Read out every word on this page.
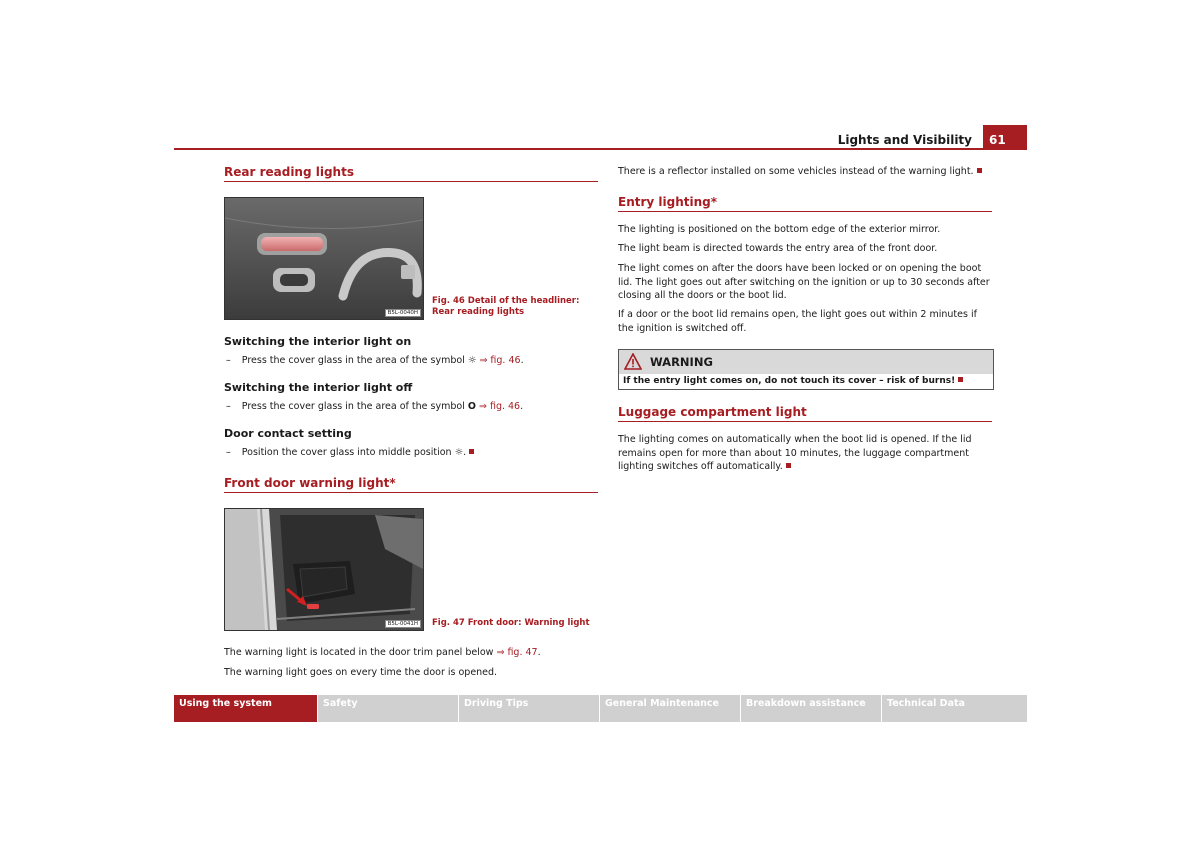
Lights and Visibility 61
Rear reading lights
B5L-0040H
Fig. 46 Detail of the headliner: Rear reading lights
Switching the interior light on
– Press the cover glass in the area of the symbol ☼ ⇒ fig. 46.
Switching the interior light off
– Press the cover glass in the area of the symbol O ⇒ fig. 46.
Door contact setting
– Position the cover glass into middle position ☼.
Front door warning light*
B5L-0041H	Fig. 47 Front door: Warning light
The warning light is located in the door trim panel below ⇒ fig. 47.
The warning light goes on every time the door is opened.
There is a reflector installed on some vehicles instead of the warning light.
Entry lighting*
The lighting is positioned on the bottom edge of the exterior mirror.
The light beam is directed towards the entry area of the front door.
The light comes on after the doors have been locked or on opening the boot lid. The light goes out after switching on the ignition or up to 30 seconds after closing all the doors or the boot lid.
If a door or the boot lid remains open, the light goes out within 2 minutes if the ignition is switched off.
WARNING
If the entry light comes on, do not touch its cover – risk of burns!
Luggage compartment light
The lighting comes on automatically when the boot lid is opened. If the lid remains open for more than about 10 minutes, the luggage compartment lighting switches off automatically.
Using the system	Safety	Driving Tips	General Maintenance	Breakdown assistance Technical Data
